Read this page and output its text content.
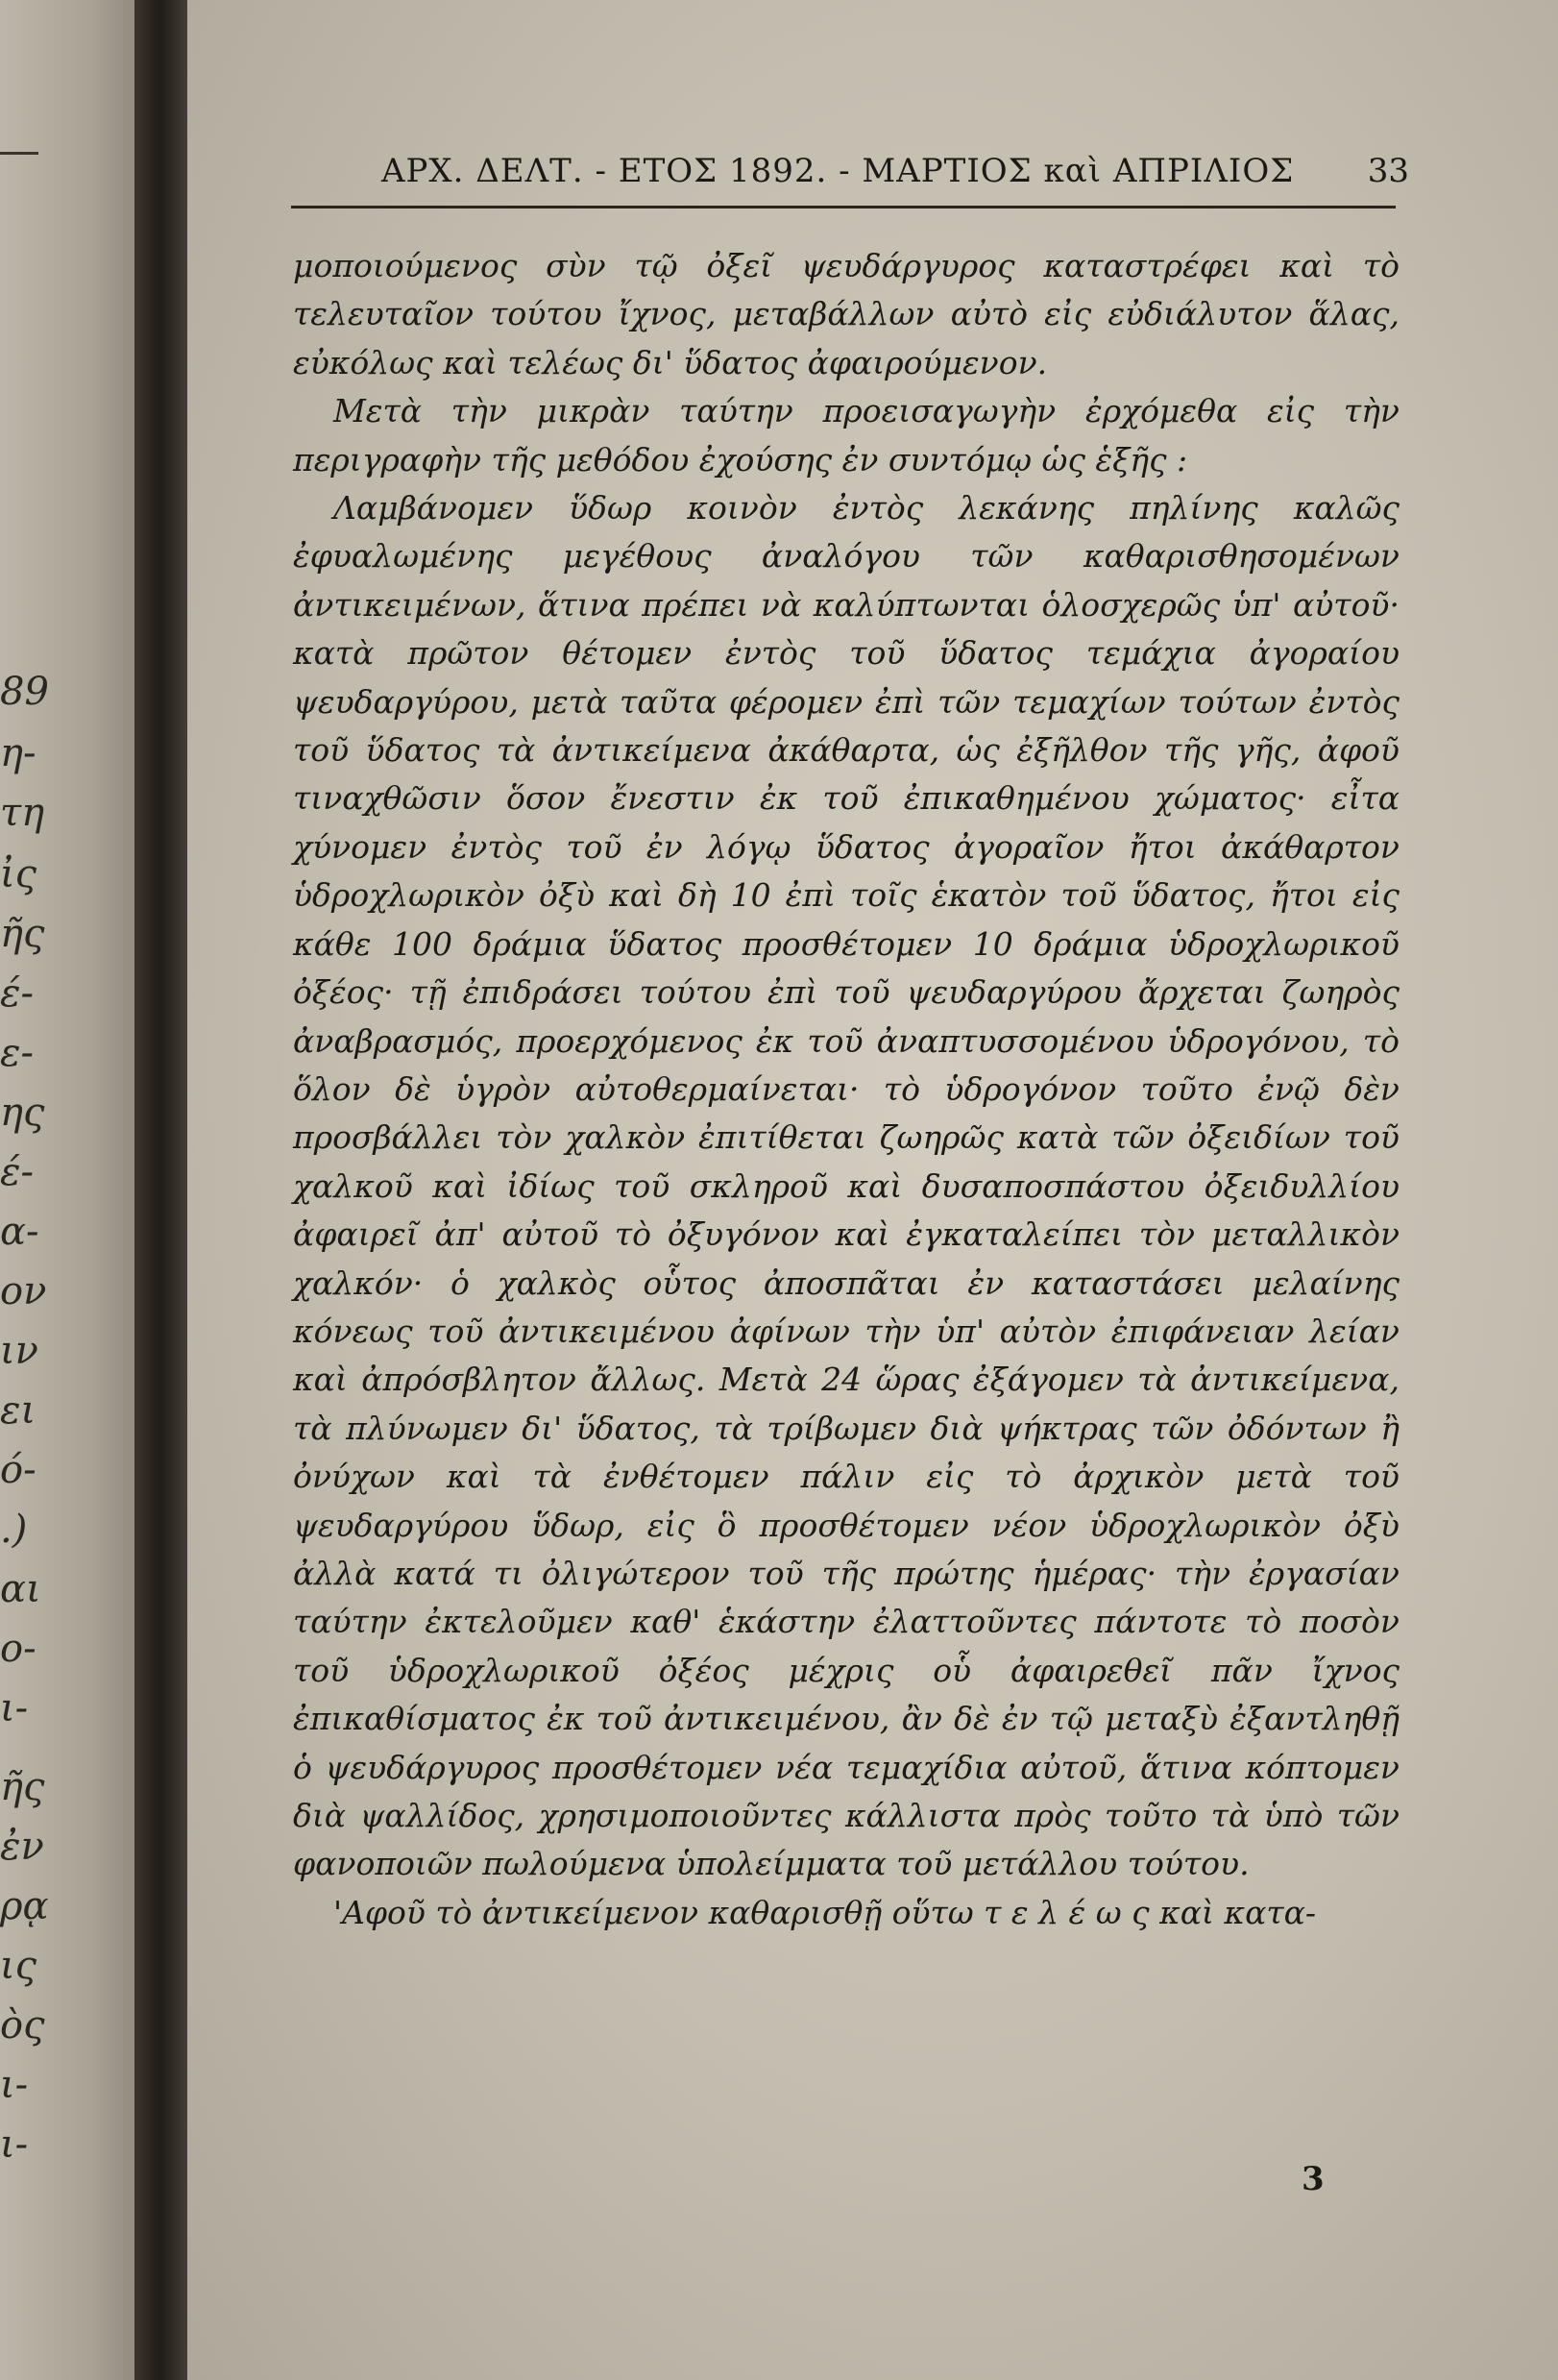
89
η-
τη
ἰς
ῆς
έ-
ε-
ης
έ-
α-
ον
ιν
ει
ό-
.)
αι
ο-
ι-
ῆς
ἐν
ρᾳ
ις
ὸς
ι-
ι-
ΑΡΧ. ΔΕΛΤ. - ΕΤΟΣ 1892. - ΜΑΡΤΙΟΣ καὶ ΑΠΡΙΛΙΟΣ 33

μοποιούμενος σὺν τῷ ὀξεῖ ψευδάργυρος καταστρέφει καὶ τὸ τελευταῖον τούτου ἴχνος, μεταβάλλων αὐτὸ εἰς εὐδιάλυτον ἅλας, εὐκόλως καὶ τελέως δι' ὕδατος ἀφαιρούμενον.

Μετὰ τὴν μικρὰν ταύτην προεισαγωγὴν ἐρχόμεθα εἰς τὴν περιγραφὴν τῆς μεθόδου ἐχούσης ἐν συντόμῳ ὡς ἑξῆς :

Λαμβάνομεν ὕδωρ κοινὸν ἐντὸς λεκάνης πηλίνης καλῶς ἐφυαλωμένης μεγέθους ἀναλόγου τῶν καθαρισθησομένων ἀντικειμένων, ἅτινα πρέπει νὰ καλύπτωνται ὁλοσχερῶς ὑπ' αὐτοῦ· κατὰ πρῶτον θέτομεν ἐντὸς τοῦ ὕδατος τεμάχια ἀγοραίου ψευδαργύρου, μετὰ ταῦτα φέρομεν ἐπὶ τῶν τεμαχίων τούτων ἐντὸς τοῦ ὕδατος τὰ ἀντικείμενα ἀκάθαρτα, ὡς ἐξῆλθον τῆς γῆς, ἀφοῦ τιναχθῶσιν ὅσον ἔνεστιν ἐκ τοῦ ἐπικαθημένου χώματος· εἶτα χύνομεν ἐντὸς τοῦ ἐν λόγῳ ὕδατος ἀγοραῖον ἤτοι ἀκάθαρτον ὑδροχλωρικὸν ὀξὺ καὶ δὴ 10 ἐπὶ τοῖς ἑκατὸν τοῦ ὕδατος, ἤτοι εἰς κάθε 100 δράμια ὕδατος προσθέτομεν 10 δράμια ὑδροχλωρικοῦ ὀξέος· τῇ ἐπιδράσει τούτου ἐπὶ τοῦ ψευδαργύρου ἄρχεται ζωηρὸς ἀναβρασμός, προερχόμενος ἐκ τοῦ ἀναπτυσσομένου ὑδρογόνου, τὸ ὅλον δὲ ὑγρὸν αὐτοθερμαίνεται· τὸ ὑδρογόνον τοῦτο ἐνῷ δὲν προσβάλλει τὸν χαλκὸν ἐπιτίθεται ζωηρῶς κατὰ τῶν ὀξειδίων τοῦ χαλκοῦ καὶ ἰδίως τοῦ σκληροῦ καὶ δυσαποσπάστου ὀξειδυλλίου ἀφαιρεῖ ἀπ' αὐτοῦ τὸ ὀξυγόνον καὶ ἐγκαταλείπει τὸν μεταλλικὸν χαλκόν· ὁ χαλκὸς οὗτος ἀποσπᾶται ἐν καταστάσει μελαίνης κόνεως τοῦ ἀντικειμένου ἀφίνων τὴν ὑπ' αὐτὸν ἐπιφάνειαν λείαν καὶ ἀπρόσβλητον ἄλλως. Μετὰ 24 ὥρας ἐξάγομεν τὰ ἀντικείμενα, τὰ πλύνωμεν δι' ὕδατος, τὰ τρίβωμεν διὰ ψήκτρας τῶν ὀδόντων ἢ ὀνύχων καὶ τὰ ἐνθέτομεν πάλιν εἰς τὸ ἀρχικὸν μετὰ τοῦ ψευδαργύρου ὕδωρ, εἰς ὃ προσθέτομεν νέον ὑδροχλωρικὸν ὀξὺ ἀλλὰ κατά τι ὀλιγώτερον τοῦ τῆς πρώτης ἡμέρας· τὴν ἐργασίαν ταύτην ἐκτελοῦμεν καθ' ἑκάστην ἐλαττοῦντες πάντοτε τὸ ποσὸν τοῦ ὑδροχλωρικοῦ ὀξέος μέχρις οὗ ἀφαιρεθεῖ πᾶν ἴχνος ἐπικαθίσματος ἐκ τοῦ ἀντικειμένου, ἂν δὲ ἐν τῷ μεταξὺ ἐξαντληθῇ ὁ ψευδάργυρος προσθέτομεν νέα τεμαχίδια αὐτοῦ, ἅτινα κόπτομεν διὰ ψαλλίδος, χρησιμοποιοῦντες κάλλιστα πρὸς τοῦτο τὰ ὑπὸ τῶν φανοποιῶν πωλούμενα ὑπολείμματα τοῦ μετάλλου τούτου.

'Αφοῦ τὸ ἀντικείμενον καθαρισθῇ οὕτω τ ε λ έ ω ς καὶ κατα-

3
